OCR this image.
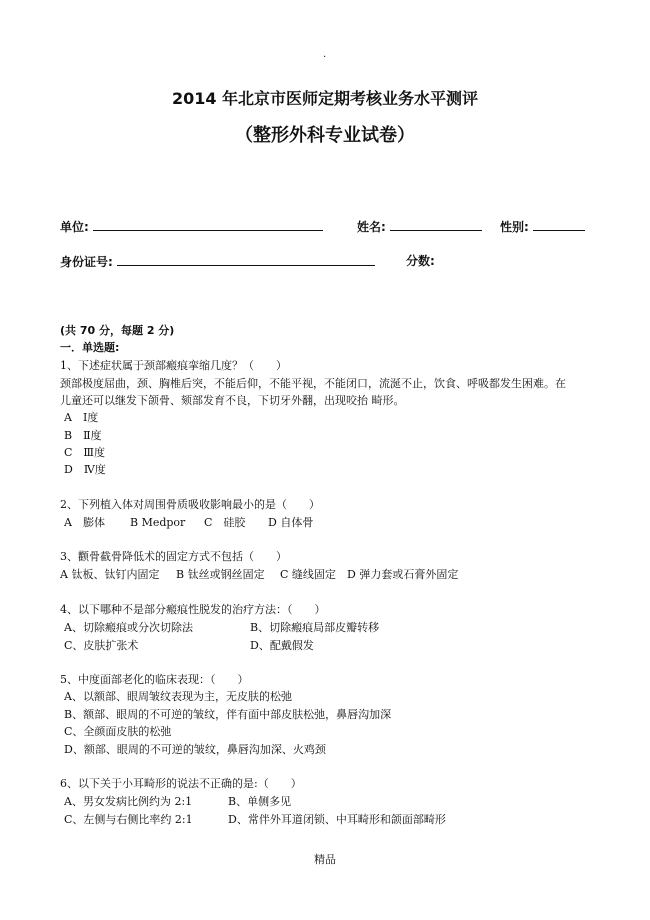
.
2014 年北京市医师定期考核业务水平测评
（整形外科专业试卷）
单位:	姓名:	性别:
身份证号:	分数:
(共 70 分，每题 2 分)
一．单选题:
1、下述症状属于颈部瘢痕挛缩几度？（　　）
颈部极度屈曲，颈、胸椎后突，不能后仰，不能平视，不能闭口，流涎不止，饮食、呼吸都发生困难。在
儿童还可以继发下颌骨、颏部发育不良，下切牙外翻，出现咬抬 畸形。
A　Ⅰ度
B　Ⅱ度
C　Ⅲ度
D　Ⅳ度
2、下列植入体对周围骨质吸收影响最小的是（　　）
A　膨体 B Medpor C　硅胶 D 自体骨
3、颧骨截骨降低术的固定方式不包括（　　）
A 钛板、钛钉内固定 B 钛丝或钢丝固定 C 缝线固定 D 弹力套或石膏外固定
4、以下哪种不是部分瘢痕性脱发的治疗方法：（　　）
A、切除瘢痕或分次切除法	B、切除瘢痕局部皮瓣转移
C、皮肤扩张术	D、配戴假发
5、中度面部老化的临床表现：（　　）
A、以额部、眼周皱纹表现为主，无皮肤的松弛
B、额部、眼周的不可逆的皱纹，伴有面中部皮肤松弛，鼻唇沟加深
C、全颜面皮肤的松弛
D、额部、眼周的不可逆的皱纹，鼻唇沟加深、火鸡颈
6、以下关于小耳畸形的说法不正确的是:（　　）
A、男女发病比例约为 2:1	B、单侧多见
C、左侧与右侧比率约 2:1	D、常伴外耳道闭锁、中耳畸形和颌面部畸形
精品
